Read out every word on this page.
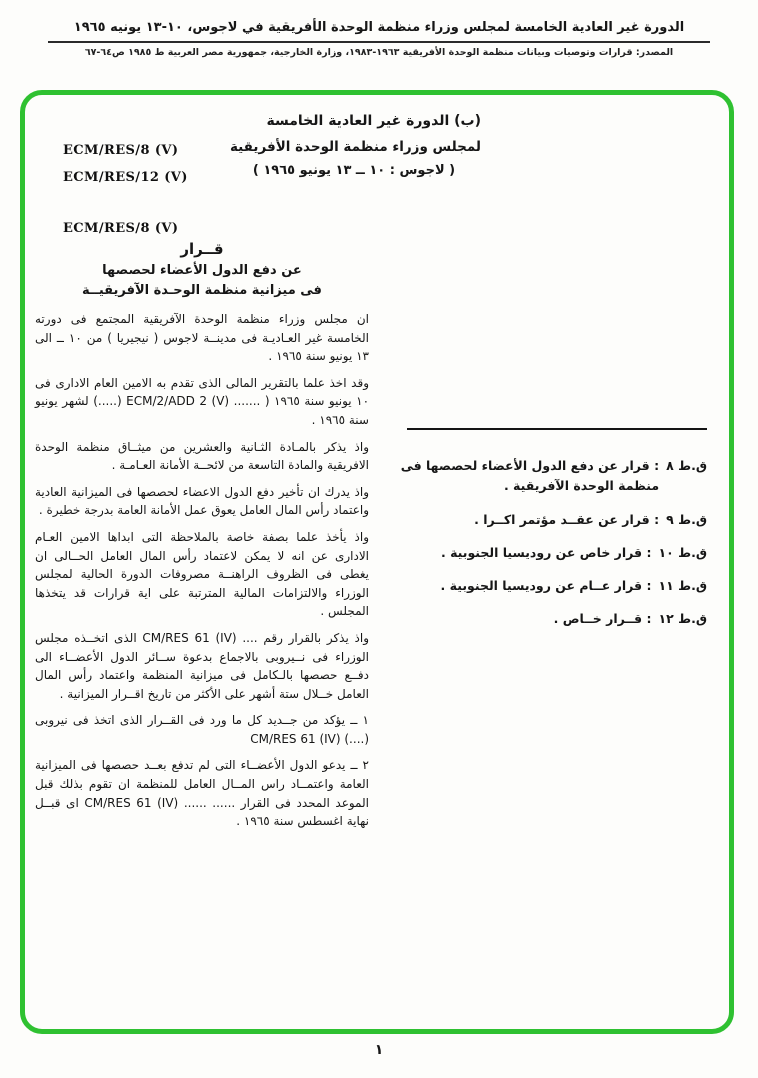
الدورة غير العادية الخامسة لمجلس وزراء منظمة الوحدة الأفريقية في لاجوس، ١٠-١٣ يونيه ١٩٦٥
المصدر: قرارات وتوصيات وبيانات منظمة الوحدة الأفريقية ١٩٦٣-١٩٨٣، وزارة الخارجية، جمهورية مصر العربية ط ١٩٨٥ ص٦٤-٦٧
ECM/RES/8 (V)
ECM/RES/12 (V)
(ب) الدورة غير العادية الخامسة
لمجلس وزراء منظمة الوحدة الأفريقية
( لاجوس : ١٠ ــ ١٣ يونيو ١٩٦٥ )
ECM/RES/8 (V)
قــرار
عن دفع الدول الأعضاء لحصصها
فى ميزانية منظمة الوحـدة الآفريقيــة

ان مجلس وزراء منظمة الوحدة الآفريقية المجتمع فى دورته الخامسة غير العـاديـة فى مدينــة لاجوس ( نيجيريا ) من ١٠ ــ الى ١٣ يونيو سنة ١٩٦٥ .

وقد اخذ علما بالتقرير المالى الذى تقدم به الامين العام الادارى فى ١٠ يونيو سنة ١٩٦٥ ( ....... ECM/2/ADD 2 (V) (.....) لشهر يونيو سنة ١٩٦٥ .

واذ يذكر بالمـادة الثـانية والعشرين من ميثــاق منظمة الوحدة الافريقية والمادة التاسعة من لائحــة الأمانة العـامـة .

واذ يدرك ان تأخير دفع الدول الاعضاء لحصصها فى الميزانية العادية واعتماد رأس المال العامل يعوق عمل الأمانة العامة بدرجة خطيرة .

واذ يأخذ علما بصفة خاصة بالملاحظة التى ابداها الامين العـام الادارى عن انه لا يمكن لاعتماد رأس المال العامل الحــالى ان يغطى فى الظروف الراهنــة مصروفات الدورة الحالية لمجلس الوزراء والالتزامات المالية المترتبة على اية قرارات قد يتخذها المجلس .

واذ يذكر بالقرار رقم .... CM/RES 61 (IV) الذى اتخــذه مجلس الوزراء فى نــيروبى بالاجماع بدعوة ســائر الدول الأعضــاء الى دفــع حصصها بالـكامل فى ميزانية المنظمة واعتماد رأس المال العامل خــلال ستة أشهر على الأكثر من تاريخ اقــرار الميزانية .

١ ــ يؤكد من جــديد كل ما ورد فى القــرار الذى اتخذ فى نيروبى (....) CM/RES 61 (IV)

٢ ــ يدعو الدول الأعضــاء التى لم تدفع بعــد حصصها فى الميزانية العامة واعتمــاد راس المــال العامل للمنظمة ان تقوم بذلك قبل الموعد المحدد فى القرار ...... ...... CM/RES 61 (IV) اى قبــل نهاية اغسطس سنة ١٩٦٥ .

ق.ط ٨
: قرار عن دفع الدول الأعضاء لحصصها فى منظمة الوحدة الآفريقية .
ق.ط ٩
: قرار عن عقــد مؤتمر اكــرا .
ق.ط ١٠
: قرار خاص عن روديسيا الجنوبية .
ق.ط ١١
: قرار عــام عن روديسيا الجنوبية .
ق.ط ١٢
: قــرار خــاص .
١
